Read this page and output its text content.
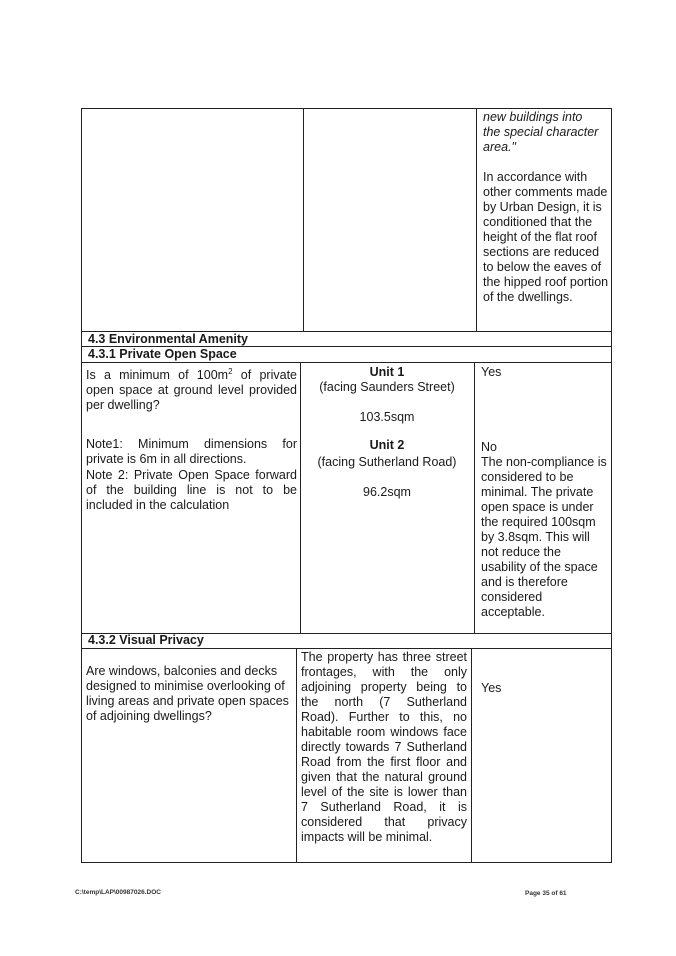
new buildings into the special character area."
In accordance with other comments made by Urban Design, it is conditioned that the height of the flat roof sections are reduced to below the eaves of the hipped roof portion of the dwellings.
4.3 Environmental Amenity
4.3.1 Private Open Space
Is a minimum of $100m^2$ of private open space at ground level provided per dwelling?
Note1: Minimum dimensions for private is 6m in all directions.
Note 2: Private Open Space forward of the building line is not to be included in the calculation
Unit 1
(facing Saunders Street)
103.5sqm
Unit 2
(facing Sutherland Road)
96.2sqm
Yes
No
The non-compliance is considered to be minimal. The private open space is under the required 100sqm by 3.8sqm. This will not reduce the usability of the space and is therefore considered acceptable.
4.3.2 Visual Privacy
Are windows, balconies and decks designed to minimise overlooking of living areas and private open spaces of adjoining dwellings?
The property has three street frontages, with the only adjoining property being to the north (7 Sutherland Road). Further to this, no habitable room windows face directly towards 7 Sutherland Road from the first floor and given that the natural ground level of the site is lower than 7 Sutherland Road, it is considered that privacy impacts will be minimal.
Yes
C:\temp\LAP\00987026.DOC	Page 35 of 61
